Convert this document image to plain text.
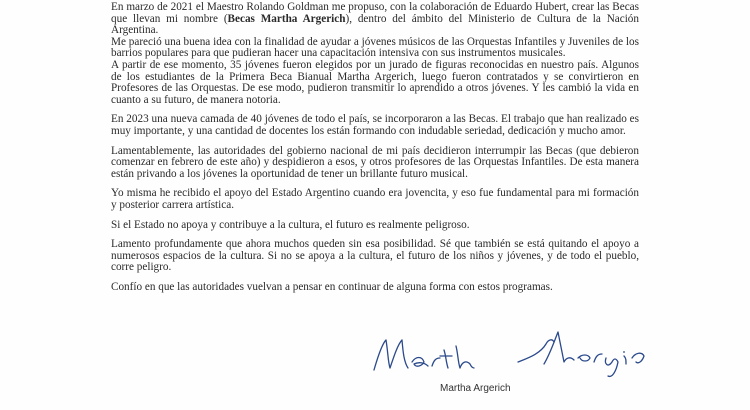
En marzo de 2021 el Maestro Rolando Goldman me propuso, con la colaboración de Eduardo Hubert, crear las Becas que llevan mi nombre (Becas Martha Argerich), dentro del ámbito del Ministerio de Cultura de la Nación Argentina.

Me pareció una buena idea con la finalidad de ayudar a jóvenes músicos de las Orquestas Infantiles y Juveniles de los barrios populares para que pudieran hacer una capacitación intensiva con sus instrumentos musicales.

A partir de ese momento, 35 jóvenes fueron elegidos por un jurado de figuras reconocidas en nuestro país. Algunos de los estudiantes de la Primera Beca Bianual Martha Argerich, luego fueron contratados y se convirtieron en Profesores de las Orquestas. De ese modo, pudieron transmitir lo aprendido a otros jóvenes. Y les cambió la vida en cuanto a su futuro, de manera notoria.

En 2023 una nueva camada de 40 jóvenes de todo el país, se incorporaron a las Becas. El trabajo que han realizado es muy importante, y una cantidad de docentes los están formando con indudable seriedad, dedicación y mucho amor.

Lamentablemente, las autoridades del gobierno nacional de mi país decidieron interrumpir las Becas (que debieron comenzar en febrero de este año) y despidieron a esos, y otros profesores de las Orquestas Infantiles. De esta manera están privando a los jóvenes la oportunidad de tener un brillante futuro musical.

Yo misma he recibido el apoyo del Estado Argentino cuando era jovencita, y eso fue fundamental para mi formación y posterior carrera artística.

Si el Estado no apoya y contribuye a la cultura, el futuro es realmente peligroso.

Lamento profundamente que ahora muchos queden sin esa posibilidad. Sé que también se está quitando el apoyo a numerosos espacios de la cultura. Si no se apoya a la cultura, el futuro de los niños y jóvenes, y de todo el pueblo, corre peligro.

Confío en que las autoridades vuelvan a pensar en continuar de alguna forma con estos programas.

Martha Argerich
